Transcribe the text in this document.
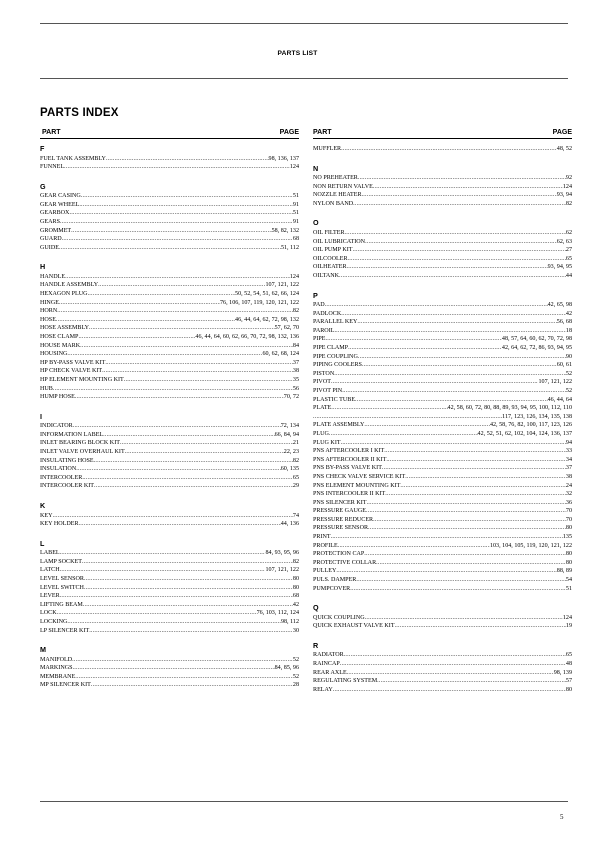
PARTS LIST
PARTS INDEX
PART	PAGE
F
FUEL TANK ASSEMBLY .....	98, 136, 137
FUNNEL .....	124
G
GEAR CASING .....	51
GEAR WHEEL .....	91
GEARBOX .....	51
GEARS .....	91
GROMMET .....	58, 82, 132
GUARD .....	68
GUIDE .....	51, 112
H
HANDLE .....	124
HANDLE ASSEMBLY .....	107, 121, 122
HEXAGON PLUG .....	50, 52, 54, 51, 62, 66, 124
HINGE .....	76, 106, 107, 119, 120, 121, 122
HORN .....	82
HOSE .....	46, 44, 64, 62, 72, 98, 132
HOSE ASSEMBLY .....	57, 62, 70
HOSE CLAMP .....	46, 44, 64, 60, 62, 66, 70, 72, 98, 132, 136
HOUSE MARK .....	84
HOUSING .....	60, 62, 68, 124
HP BY-PASS VALVE KIT .....	37
HP CHECK VALVE KIT .....	38
HP ELEMENT MOUNTING KIT .....	35
HUB .....	56
HUMP HOSE .....	70, 72
I
INDICATOR .....	72, 134
INFORMATION LABEL .....	66, 84, 94
INLET BEARING BLOCK KIT .....	21
INLET VALVE OVERHAUL KIT .....	22, 23
INSULATING HOSE .....	82
INSULATION .....	60, 135
INTERCOOLER .....	65
INTERCOOLER KIT .....	29
K
KEY .....	74
KEY HOLDER .....	44, 136
L
LABEL .....	84, 93, 95, 96
LAMP SOCKET .....	82
LATCH .....	107, 121, 122
LEVEL SENSOR .....	80
LEVEL SWITCH .....	80
LEVER .....	68
LIFTING BEAM .....	42
LOCK .....	76, 103, 112, 124
LOCKING .....	98, 112
LP SILENCER KIT .....	30
M
MANIFOLD .....	52
MARKINGS .....	84, 85, 96
MEMBRANE .....	52
MP SILENCER KIT .....	28
PART	PAGE
MUFFLER .....	48, 52
N
NO PREHEATER .....	92
NON RETURN VALVE .....	124
NOZZLE HEATER .....	93, 94
NYLON BAND .....	82
O
OIL FILTER .....	62
OIL LUBRICATION .....	62, 63
OIL PUMP KIT .....	27
OILCOOLER .....	65
OILHEATER .....	93, 94, 95
OILTANK .....	44
P
PAD .....	42, 65, 98
PADLOCK .....	42
PARALLEL KEY .....	56, 68
PAROIL .....	18
PIPE .....	48, 57, 64, 60, 62, 70, 72, 98
PIPE CLAMP .....	42, 64, 62, 72, 86, 93, 94, 95
PIPE COUPLING .....	90
PIPING COOLERS .....	60, 61
PISTON .....	52
PIVOT .....	107, 121, 122
PIVOT PIN .....	52
PLASTIC TUBE .....	46, 44, 64
PLATE .....	42, 58, 60, 72, 80, 88, 89, 93, 94, 95, 100, 112, 110
.....
117, 123, 126, 134, 135, 138
PLATE ASSEMBLY .....	42, 58, 76, 82, 100, 117, 123, 126
PLUG .....	42, 52, 51, 62, 102, 104, 124, 136, 137
PLUG KIT .....	94
PNS AFTERCOOLER I KIT .....	33
PNS AFTERCOOLER II KIT .....	34
PNS BY-PASS VALVE KIT .....	37
PNS CHECK VALVE SERVICE KIT .....	38
PNS ELEMENT MOUNTING KIT .....	24
PNS INTERCOOLER II KIT .....	32
PNS SILENCER KIT .....	36
PRESSURE GAUGE .....	70
PRESSURE REDUCER .....	70
PRESSURE SENSOR .....	80
PRINT .....	135
PROFILE .....	103, 104, 105, 119, 120, 121, 122
PROTECTION CAP .....	80
PROTECTIVE COLLAR .....	80
PULLEY .....	88, 89
PULS. DAMPER .....	54
PUMPCOVER .....	51
Q
QUICK COUPLING .....	124
QUICK EXHAUST VALVE KIT .....	19
R
RADIATOR .....	65
RAINCAP .....	48
REAR AXLE .....	98, 139
REGULATING SYSTEM .....	57
RELAY .....	80
5
